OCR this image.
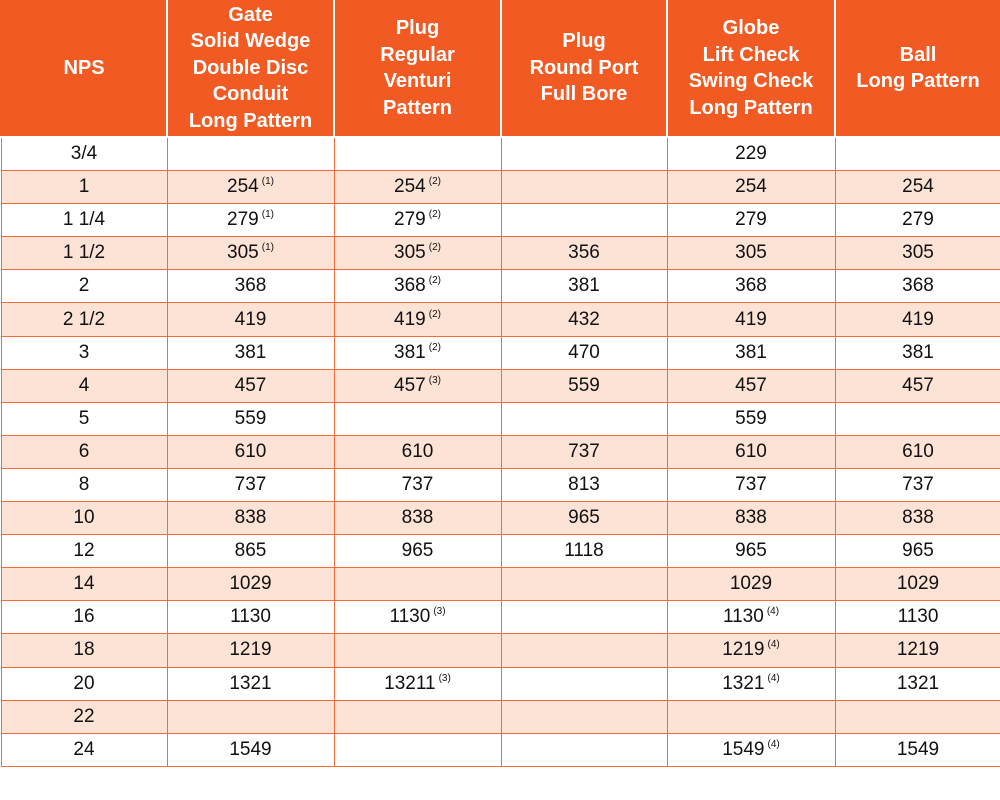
NPS	Gate
Solid Wedge
Double Disc
Conduit
Long Pattern	Plug
Regular
Venturi
Pattern	Plug
Round Port
Full Bore	Globe
Lift Check
Swing Check
Long Pattern	Ball
Long Pattern
3/4				229	
1	254 $^{(1)}$	254 $^{(2)}$		254	254
1 1/4	279 $^{(1)}$	279 $^{(2)}$		279	279
1 1/2	305 $^{(1)}$	305 $^{(2)}$	356	305	305
2	368	368 $^{(2)}$	381	368	368
2 1/2	419	419 $^{(2)}$	432	419	419
3	381	381 $^{(2)}$	470	381	381
4	457	457 $^{(3)}$	559	457	457
5	559			559	
6	610	610	737	610	610
8	737	737	813	737	737
10	838	838	965	838	838
12	865	965	1118	965	965
14	1029			1029	1029
16	1130	1130 $^{(3)}$		1130 $^{(4)}$	1130
18	1219			1219 $^{(4)}$	1219
20	1321	13211 $^{(3)}$		1321 $^{(4)}$	1321
22					
24	1549			1549 $^{(4)}$	1549
